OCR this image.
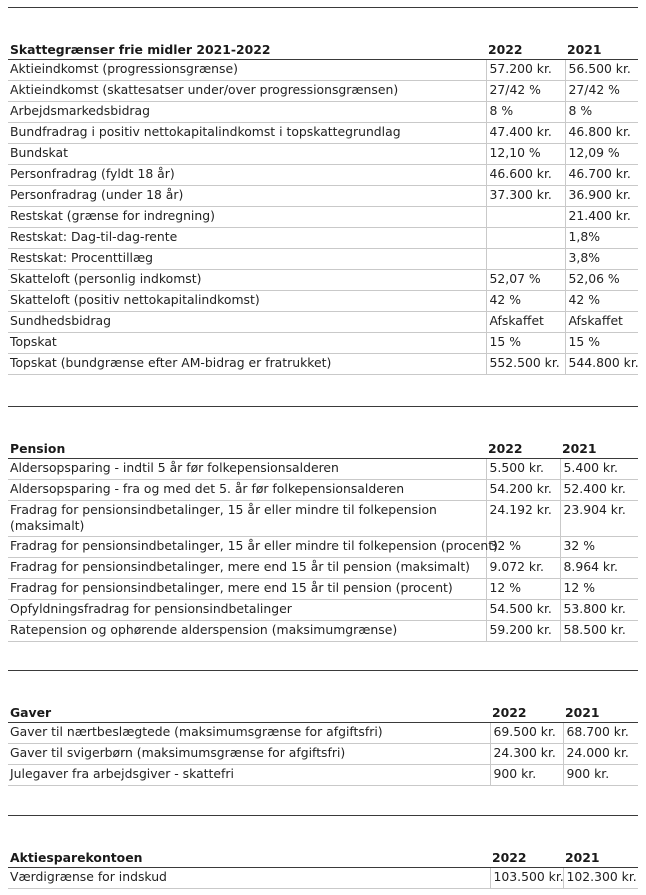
Skattegrænser frie midler 2021-2022	2022	2021
Aktieindkomst (progressionsgrænse)	57.200 kr.	56.500 kr.
Aktieindkomst (skattesatser under/over progressionsgrænsen)	27/42 %	27/42 %
Arbejdsmarkedsbidrag	8 %	8 %
Bundfradrag i positiv nettokapitalindkomst i topskattegrundlag	47.400 kr.	46.800 kr.
Bundskat	12,10 %	12,09 %
Personfradrag (fyldt 18 år)	46.600 kr.	46.700 kr.
Personfradrag (under 18 år)	37.300 kr.	36.900 kr.
Restskat (grænse for indregning)		21.400 kr.
Restskat: Dag-til-dag-rente		1,8%
Restskat: Procenttillæg		3,8%
Skatteloft (personlig indkomst)	52,07 %	52,06 %
Skatteloft (positiv nettokapitalindkomst)	42 %	42 %
Sundhedsbidrag	Afskaffet	Afskaffet
Topskat	15 %	15 %
Topskat (bundgrænse efter AM-bidrag er fratrukket)	552.500 kr.	544.800 kr.
Pension	2022	2021
Aldersopsparing - indtil 5 år før folkepensionsalderen	5.500 kr.	5.400 kr.
Aldersopsparing - fra og med det 5. år før folkepensionsalderen	54.200 kr.	52.400 kr.
Fradrag for pensionsindbetalinger, 15 år eller mindre til folkepension (maksimalt)	24.192 kr.	23.904 kr.
Fradrag for pensionsindbetalinger, 15 år eller mindre til folkepension (procent)	32 %	32 %
Fradrag for pensionsindbetalinger, mere end 15 år til pension (maksimalt)	9.072 kr.	8.964 kr.
Fradrag for pensionsindbetalinger, mere end 15 år til pension (procent)	12 %	12 %
Opfyldningsfradrag for pensionsindbetalinger	54.500 kr.	53.800 kr.
Ratepension og ophørende alderspension (maksimumgrænse)	59.200 kr.	58.500 kr.
Gaver	2022	2021
Gaver til nærtbeslægtede (maksimumsgrænse for afgiftsfri)	69.500 kr.	68.700 kr.
Gaver til svigerbørn (maksimumsgrænse for afgiftsfri)	24.300 kr.	24.000 kr.
Julegaver fra arbejdsgiver - skattefri	900 kr.	900 kr.
Aktiesparekontoen	2022	2021
Værdigrænse for indskud	103.500 kr.	102.300 kr.
